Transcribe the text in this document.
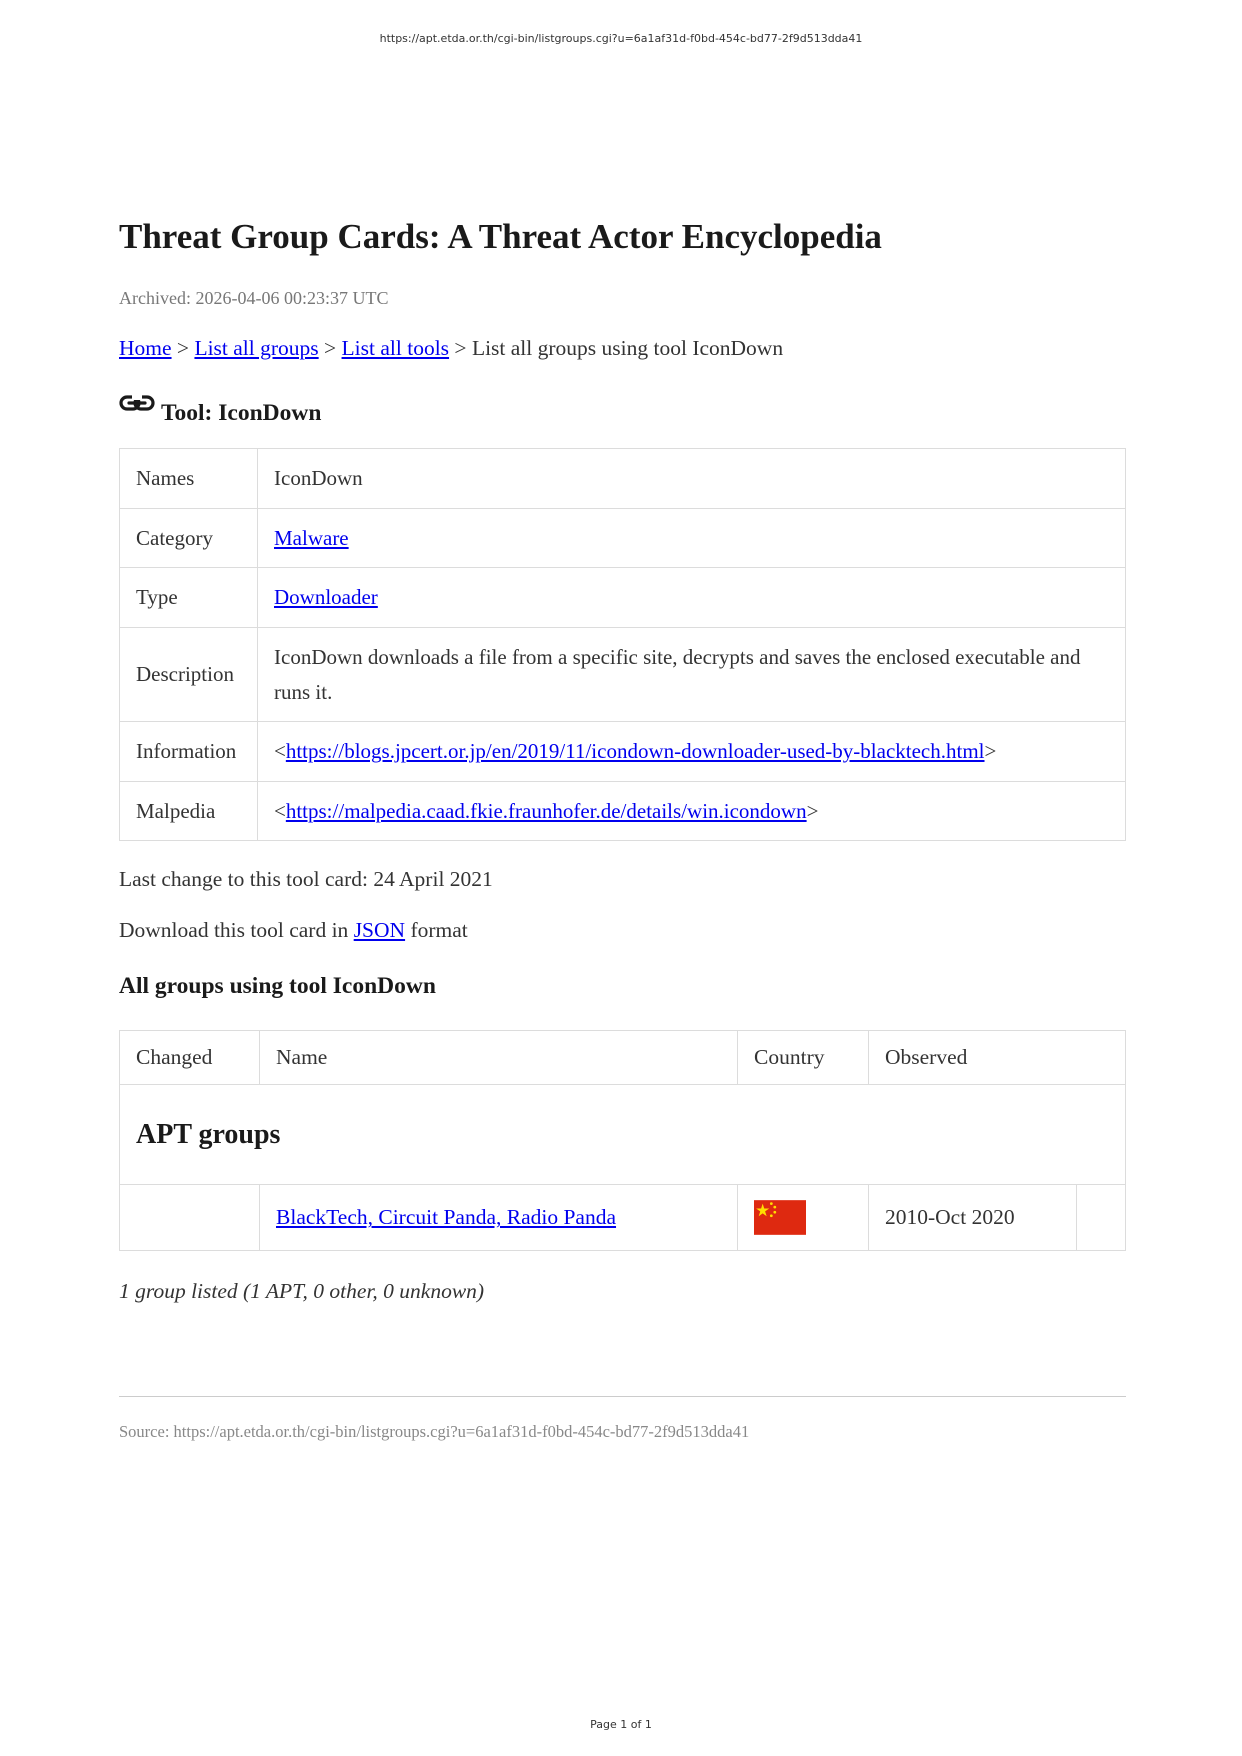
https://apt.etda.or.th/cgi-bin/listgroups.cgi?u=6a1af31d-f0bd-454c-bd77-2f9d513dda41
Threat Group Cards: A Threat Actor Encyclopedia
Archived: 2026-04-06 00:23:37 UTC
Home > List all groups > List all tools > List all groups using tool IconDown
Tool: IconDown
Names	IconDown
Category	Malware
Type	Downloader
Description	IconDown downloads a file from a specific site, decrypts and saves the enclosed executable and runs it.
Information	<https://blogs.jpcert.or.jp/en/2019/11/icondown-downloader-used-by-blacktech.html>
Malpedia	<https://malpedia.caad.fkie.fraunhofer.de/details/win.icondown>
Last change to this tool card: 24 April 2021
Download this tool card in JSON format
All groups using tool IconDown
Changed	Name	Country	Observed	
APT groups				
	BlackTech, Circuit Panda, Radio Panda		2010-Oct 2020	
1 group listed (1 APT, 0 other, 0 unknown)
Source: https://apt.etda.or.th/cgi-bin/listgroups.cgi?u=6a1af31d-f0bd-454c-bd77-2f9d513dda41
Page 1 of 1
